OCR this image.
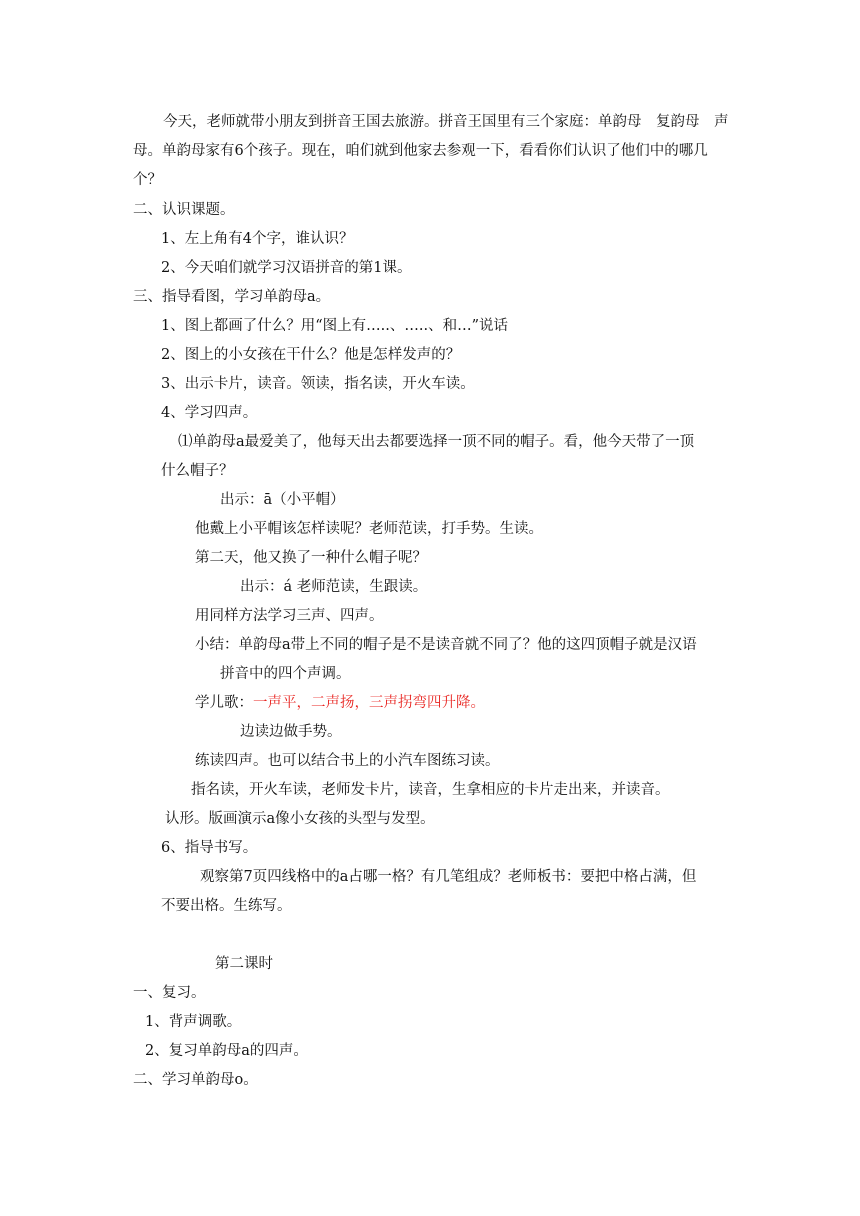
今天，老师就带小朋友到拼音王国去旅游。拼音王国里有三个家庭：单韵母　复韵母　声
母。单韵母家有6个孩子。现在，咱们就到他家去参观一下，看看你们认识了他们中的哪几
个？
二、认识课题。
1、左上角有4个字，谁认识？
2、今天咱们就学习汉语拼音的第1课。
三、指导看图，学习单韵母a。
1、图上都画了什么？用“图上有…..、…..、和…”说话
2、图上的小女孩在干什么？他是怎样发声的？
3、出示卡片，读音。领读，指名读，开火车读。
4、学习四声。
⑴单韵母a最爱美了，他每天出去都要选择一顶不同的帽子。看，他今天带了一顶
什么帽子？
出示：ā（小平帽）
他戴上小平帽该怎样读呢？老师范读，打手势。生读。
第二天，他又换了一种什么帽子呢？
出示：á 老师范读，生跟读。
用同样方法学习三声、四声。
小结：单韵母a带上不同的帽子是不是读音就不同了？他的这四顶帽子就是汉语
拼音中的四个声调。
学儿歌：一声平，二声扬，三声拐弯四升降。
边读边做手势。
练读四声。也可以结合书上的小汽车图练习读。
指名读，开火车读，老师发卡片，读音，生拿相应的卡片走出来，并读音。
认形。版画演示a像小女孩的头型与发型。
6、指导书写。
观察第7页四线格中的a占哪一格？有几笔组成？老师板书：要把中格占满，但
不要出格。生练写。
第二课时
一、复习。
1、背声调歌。
2、复习单韵母a的四声。
二、学习单韵母o。
